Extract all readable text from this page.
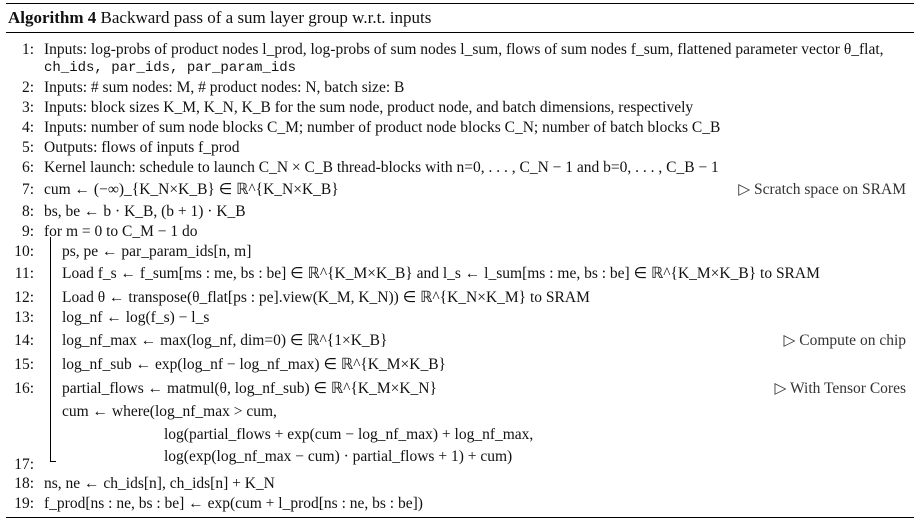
Algorithm 4 Backward pass of a sum layer group w.r.t. inputs
1: Inputs: log-probs of product nodes l_prod, log-probs of sum nodes l_sum, flows of sum nodes f_sum, flattened parameter vector θ_flat,
ch_ids, par_ids, par_param_ids
2: Inputs: # sum nodes: M, # product nodes: N, batch size: B
3: Inputs: block sizes K_M, K_N, K_B for the sum node, product node, and batch dimensions, respectively
4: Inputs: number of sum node blocks C_M; number of product node blocks C_N; number of batch blocks C_B
5: Outputs: flows of inputs f_prod
6: Kernel launch: schedule to launch C_N × C_B thread-blocks with n=0, . . . , C_N − 1 and b=0, . . . , C_B − 1
7: cum ← (−∞)_{K_N×K_B} ∈ ℝ^{K_N×K_B}	▷ Scratch space on SRAM
8: bs, be ← b · K_B, (b + 1) · K_B
9: for m = 0 to C_M − 1 do
10: ps, pe ← par_param_ids[n, m]
11: Load f_s ← f_sum[ms : me, bs : be] ∈ ℝ^{K_M×K_B} and l_s ← l_sum[ms : me, bs : be] ∈ ℝ^{K_M×K_B} to SRAM
12: Load θ ← transpose(θ_flat[ps : pe].view(K_M, K_N)) ∈ ℝ^{K_N×K_M} to SRAM
13: log_nf ← log(f_s) − l_s
14: log_nf_max ← max(log_nf, dim=0) ∈ ℝ^{1×K_B}	▷ Compute on chip
15: log_nf_sub ← exp(log_nf − log_nf_max) ∈ ℝ^{K_M×K_B}
16: partial_flows ← matmul(θ, log_nf_sub) ∈ ℝ^{K_M×K_N}	▷ With Tensor Cores
cum ← where(log_nf_max > cum,
log(partial_flows + exp(cum − log_nf_max) + log_nf_max,
log(exp(log_nf_max − cum) · partial_flows + 1) + cum)
17:
18: ns, ne ← ch_ids[n], ch_ids[n] + K_N
19: f_prod[ns : ne, bs : be] ← exp(cum + l_prod[ns : ne, bs : be])
